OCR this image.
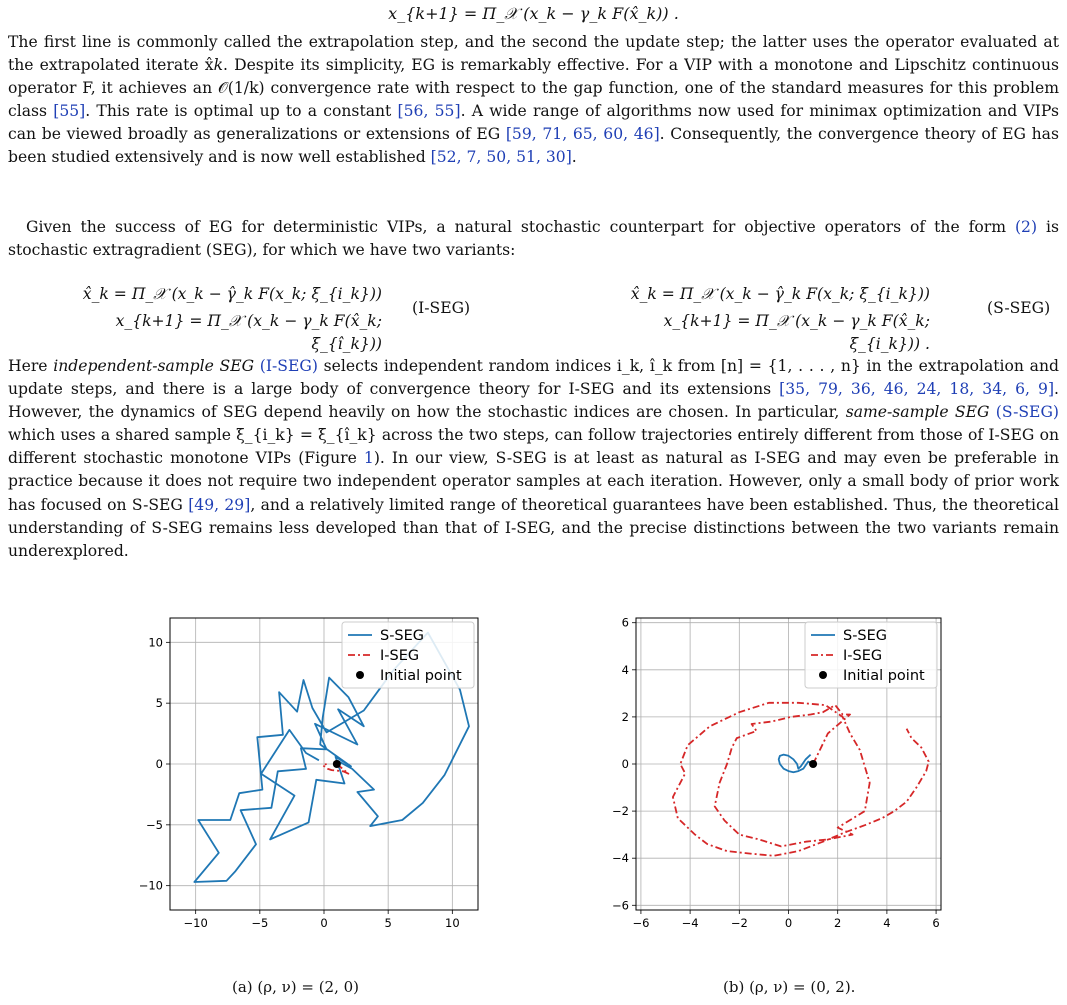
x_{k+1} = Π_𝒳 (x_k − γ_k F(x̂_k)) .

The first line is commonly called the extrapolation step, and the second the update step; the latter uses the operator evaluated at the extrapolated iterate x̂k. Despite its simplicity, EG is remarkably effective. For a VIP with a monotone and Lipschitz continuous operator F, it achieves an 𝒪(1/k) convergence rate with respect to the gap function, one of the standard measures for this problem class [55]. This rate is optimal up to a constant [56, 55]. A wide range of algorithms now used for minimax optimization and VIPs can be viewed broadly as generalizations or extensions of EG [59, 71, 65, 60, 46]. Consequently, the convergence theory of EG has been studied extensively and is now well established [52, 7, 50, 51, 30].

Given the success of EG for deterministic VIPs, a natural stochastic counterpart for objective operators of the form (2) is stochastic extragradient (SEG), for which we have two variants:

x̂_k = Π_𝒳 (x_k − γ̂_k F(x_k; ξ_{i_k}))
x_{k+1} = Π_𝒳 (x_k − γ_k F(x̂_k; ξ_{î_k}))
(I-SEG)
x̂_k = Π_𝒳 (x_k − γ̂_k F(x_k; ξ_{i_k}))
x_{k+1} = Π_𝒳 (x_k − γ_k F(x̂_k; ξ_{i_k})) .
(S-SEG)

Here independent-sample SEG (I-SEG) selects independent random indices i_k, î_k from [n] = {1, . . . , n} in the extrapolation and update steps, and there is a large body of convergence theory for I-SEG and its extensions [35, 79, 36, 46, 24, 18, 34, 6, 9]. However, the dynamics of SEG depend heavily on how the stochastic indices are chosen. In particular, same-sample SEG (S-SEG) which uses a shared sample ξ_{i_k} = ξ_{î_k} across the two steps, can follow trajectories entirely different from those of I-SEG on different stochastic monotone VIPs (Figure 1). In our view, S-SEG is at least as natural as I-SEG and may even be preferable in practice because it does not require two independent operator samples at each iteration. However, only a small body of prior work has focused on S-SEG [49, 29], and a relatively limited range of theoretical guarantees have been established. Thus, the theoretical understanding of S-SEG remains less developed than that of I-SEG, and the precise distinctions between the two variants remain underexplored.

−10	−5	0	5	10
−10
−5
0
5
10	S-SEG
I-SEG
Initial point
−6	−4	−2	0	2	4	6
−6
−4
−2
0
2
4
6
S-SEG
I-SEG
Initial point
(a) (ρ, ν) = (2, 0)	(b) (ρ, ν) = (0, 2).
